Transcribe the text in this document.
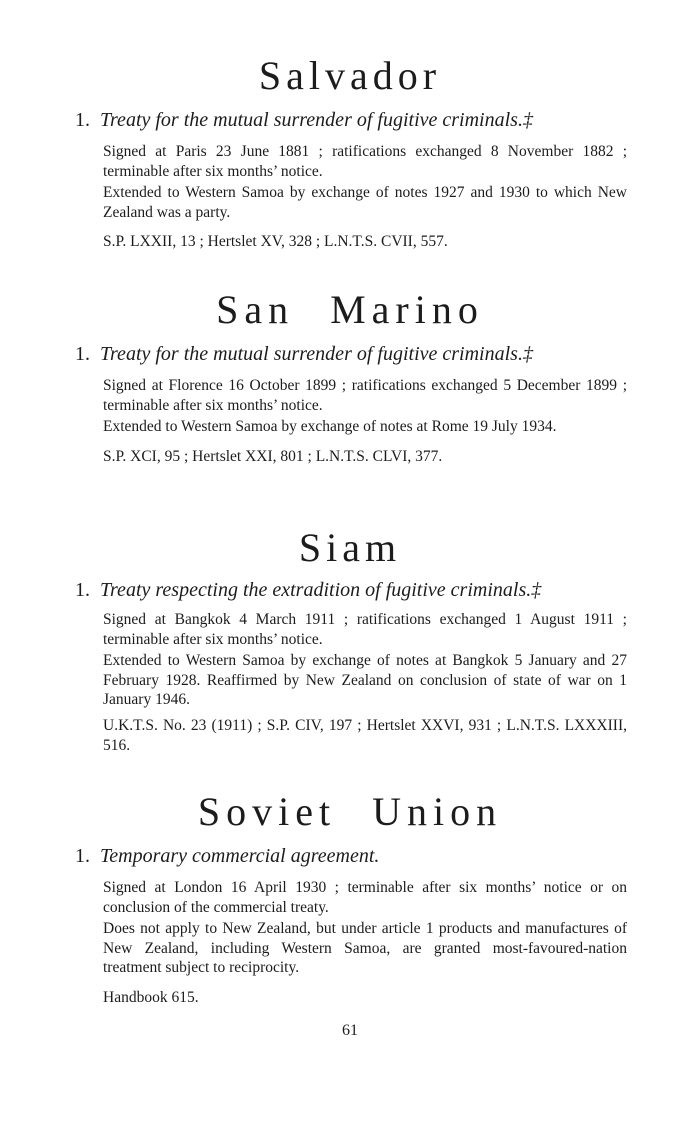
Salvador
1. Treaty for the mutual surrender of fugitive criminals.‡

Signed at Paris 23 June 1881 ; ratifications exchanged 8 November 1882 ; terminable after six months’ notice.

Extended to Western Samoa by exchange of notes 1927 and 1930 to which New Zealand was a party.

S.P. LXXII, 13 ; Hertslet XV, 328 ; L.N.T.S. CVII, 557.

San Marino
1. Treaty for the mutual surrender of fugitive criminals.‡

Signed at Florence 16 October 1899 ; ratifications exchanged 5 December 1899 ; terminable after six months’ notice.

Extended to Western Samoa by exchange of notes at Rome 19 July 1934.

S.P. XCI, 95 ; Hertslet XXI, 801 ; L.N.T.S. CLVI, 377.

Siam
1. Treaty respecting the extradition of fugitive criminals.‡

Signed at Bangkok 4 March 1911 ; ratifications exchanged 1 August 1911 ; terminable after six months’ notice.

Extended to Western Samoa by exchange of notes at Bangkok 5 January and 27 February 1928. Reaffirmed by New Zealand on conclusion of state of war on 1 January 1946.

U.K.T.S. No. 23 (1911) ; S.P. CIV, 197 ; Hertslet XXVI, 931 ; L.N.T.S. LXXXIII, 516.

Soviet Union
1. Temporary commercial agreement.

Signed at London 16 April 1930 ; terminable after six months’ notice or on conclusion of the commercial treaty.

Does not apply to New Zealand, but under article 1 products and manufactures of New Zealand, including Western Samoa, are granted most-favoured-nation treatment subject to reciprocity.

Handbook 615.

61
